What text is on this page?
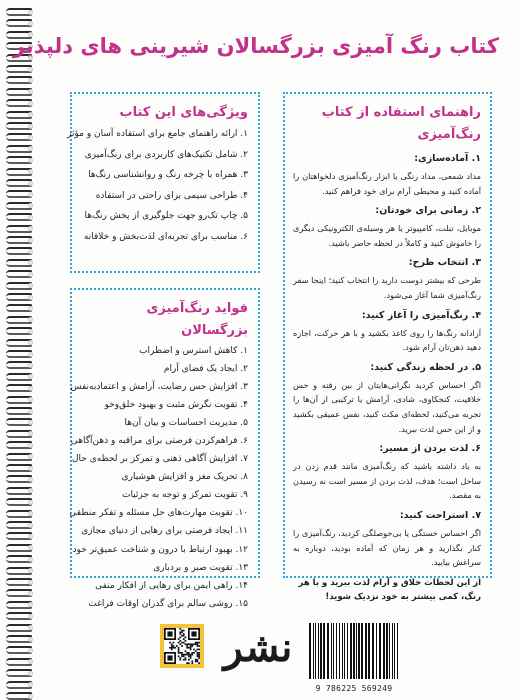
کتاب رنگ آمیزی بزرگسالان شیرینی های دلپذیر
ویژگی‌های این کتاب
۱. ارائه راهنمای جامع برای استفاده آسان و مؤثر
۲. شامل تکنیک‌های کاربردی برای رنگ‌آمیزی
۳. همراه با چرخه رنگ و روانشناسی رنگ‌ها
۴. طراحی سیمی برای راحتی در استفاده
۵. چاپ تک‌رو جهت جلوگیری از پخش رنگ‌ها
۶. مناسب برای تجربه‌ای لذت‌بخش و خلاقانه
فواید رنگ‌آمیزی بزرگسالان
۱. کاهش استرس و اضطراب
۲. ایجاد یک فضای آرام
۳. افزایش حس رضایت، آرامش و اعتمادبه‌نفس
۴. تقویت نگرش مثبت و بهبود خلق‌وخو
۵. مدیریت احساسات و بیان آن‌ها
۶. فراهم‌کردن فرصتی برای مراقبه و ذهن‌آگاهی
۷. افزایش آگاهی ذهنی و تمرکز بر لحظه‌ی حال
۸. تحریک مغز و افزایش هوشیاری
۹. تقویت تمرکز و توجه به جزئیات
۱۰. تقویت مهارت‌های حل مسئله و تفکر منطقی
۱۱. ایجاد فرصتی برای رهایی از دنیای مجازی
۱۲. بهبود ارتباط با درون و شناخت عمیق‌تر خود
۱۳. تقویت صبر و بردباری
۱۴. راهی ایمن برای رهایی از افکار منفی
۱۵. روشی سالم برای گذران اوقات فراغت
راهنمای استفاده از کتاب رنگ‌آمیزی
۱. آماده‌سازی:

مداد شمعی، مداد رنگی یا ابزار رنگ‌آمیزی دلخواهتان را آماده کنید و محیطی آرام برای خود فراهم کنید.

۲. زمانی برای خودتان:

موبایل، تبلت، کامپیوتر یا هر وسیله‌ی الکترونیکی دیگری را خاموش کنید و کاملاً در لحظه حاضر باشید.

۳. انتخاب طرح:

طرحی که بیشتر دوست دارید را انتخاب کنید؛ اینجا سفر رنگ‌آمیزی شما آغاز می‌شود.

۴. رنگ‌آمیزی را آغاز کنید:

آزادانه رنگ‌ها را روی کاغذ بکشید و با هر حرکت، اجازه دهید ذهن‌تان آرام شود.

۵. در لحظه زندگی کنید:

اگر احساس کردید نگرانی‌هایتان از بین رفته و حس خلاقیت، کنجکاوی، شادی، آرامش یا ترکیبی از آن‌ها را تجربه می‌کنید، لحظه‌ای مکث کنید، نفس عمیقی بکشید و از این حس لذت ببرید.

۶. لذت بردن از مسیر:

به یاد داشته باشید که رنگ‌آمیزی مانند قدم زدن در ساحل است؛ هدف، لذت بردن از مسیر است نه رسیدن به مقصد.

۷. استراحت کنید:

اگر احساس خستگی یا بی‌حوصلگی کردید، رنگ‌آمیزی را کنار بگذارید و هر زمان که آماده بودید، دوباره به سراغش بیایید.

از این لحظات خلاق و آرام لذت ببرید و با هر رنگ، کمی بیشتر به خود نزدیک شوید!

نشر
9 786225 569249
